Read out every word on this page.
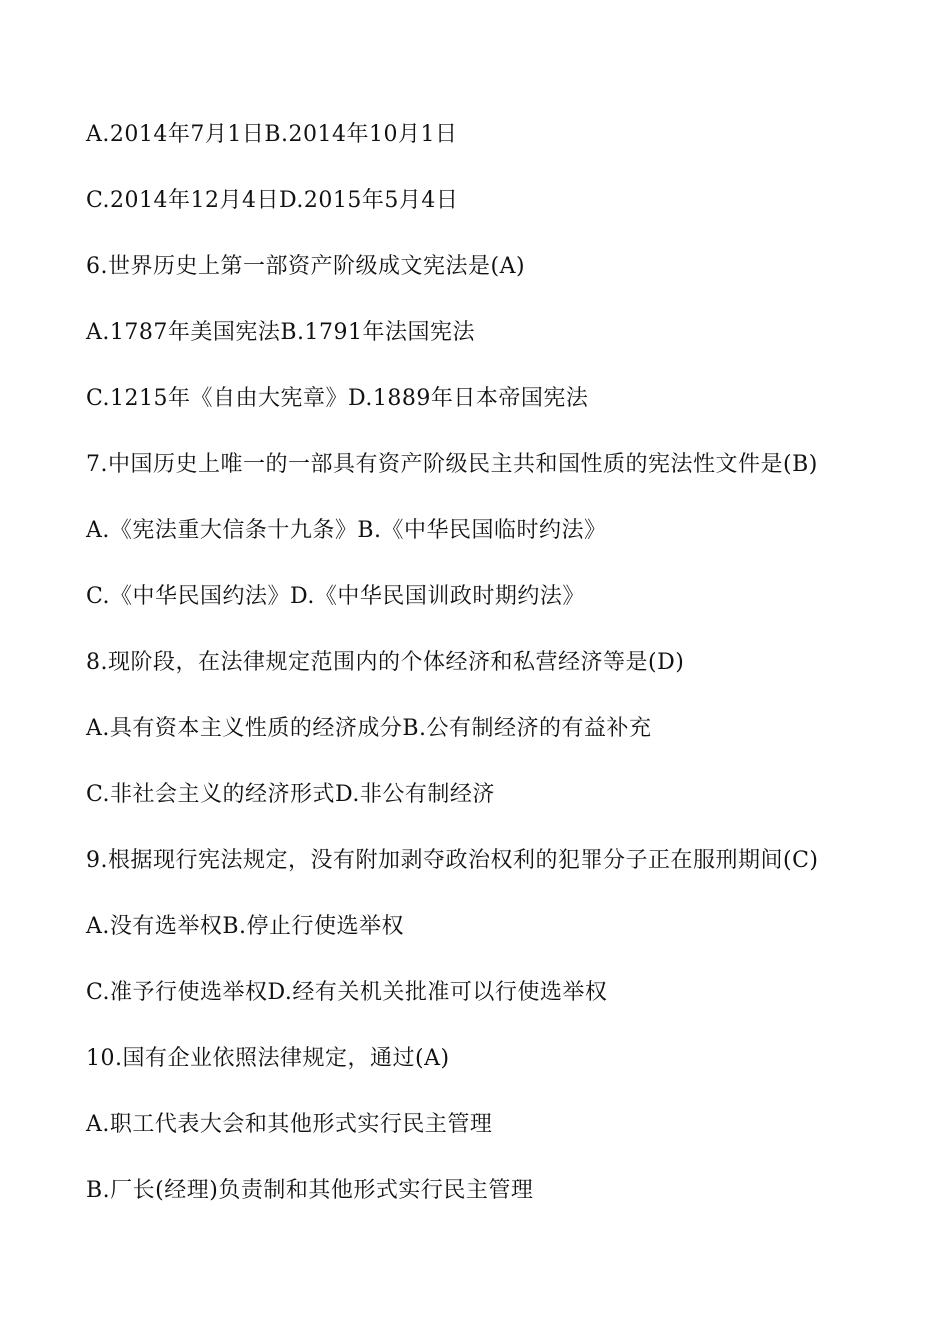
A.2014年7月1日B.2014年10月1日
C.2014年12月4日D.2015年5月4日
6.世界历史上第一部资产阶级成文宪法是(A)
A.1787年美国宪法B.1791年法国宪法
C.1215年《自由大宪章》D.1889年日本帝国宪法
7.中国历史上唯一的一部具有资产阶级民主共和国性质的宪法性文件是(B)
A.《宪法重大信条十九条》B.《中华民国临时约法》
C.《中华民国约法》D.《中华民国训政时期约法》
8.现阶段，在法律规定范围内的个体经济和私营经济等是(D)
A.具有资本主义性质的经济成分B.公有制经济的有益补充
C.非社会主义的经济形式D.非公有制经济
9.根据现行宪法规定，没有附加剥夺政治权利的犯罪分子正在服刑期间(C)
A.没有选举权B.停止行使选举权
C.准予行使选举权D.经有关机关批准可以行使选举权
10.国有企业依照法律规定，通过(A)
A.职工代表大会和其他形式实行民主管理
B.厂长(经理)负责制和其他形式实行民主管理
